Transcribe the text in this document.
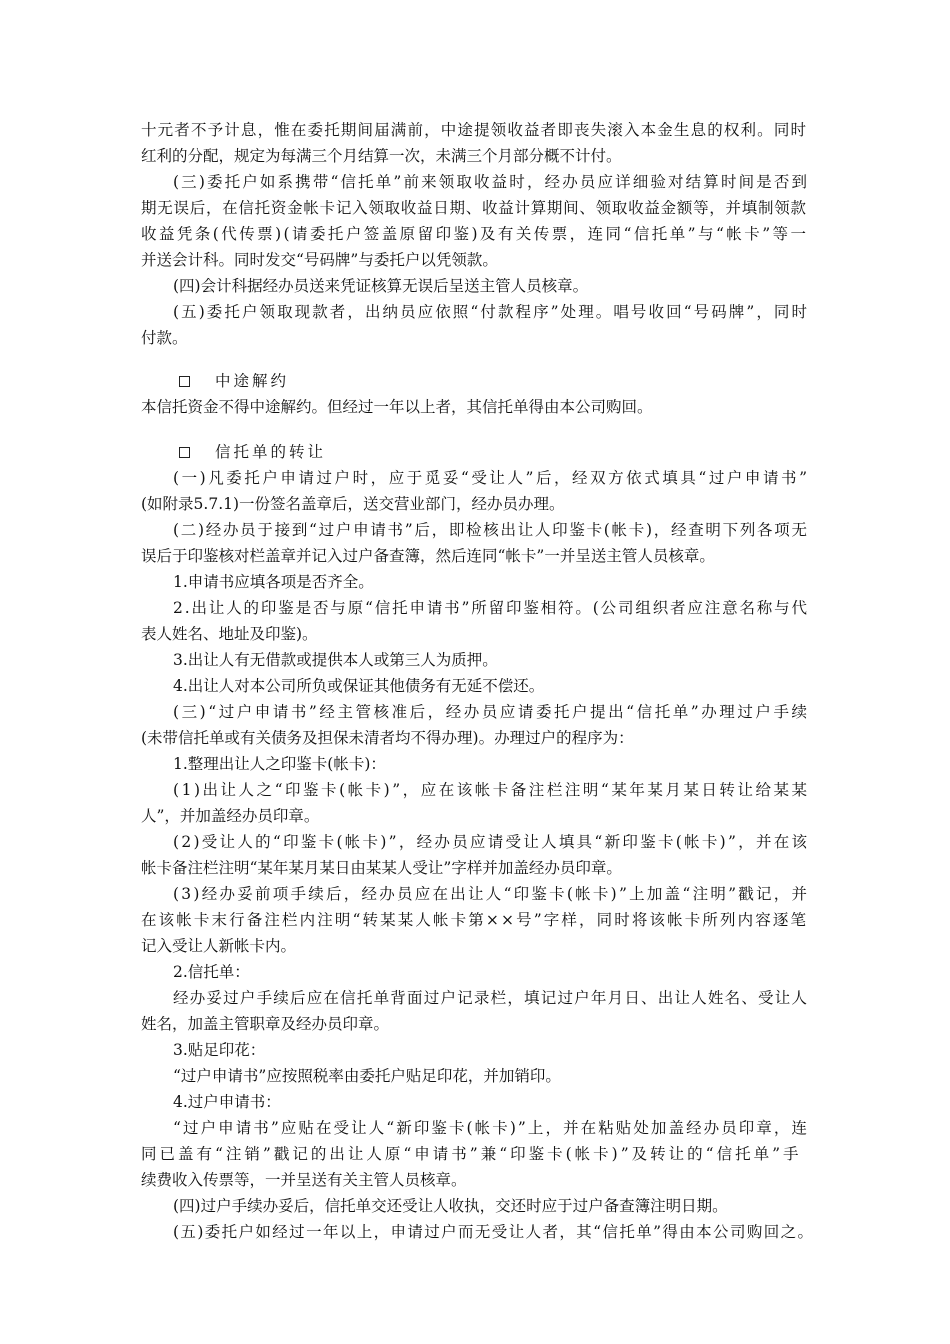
十元者不予计息，惟在委托期间届满前，中途提领收益者即丧失滚入本金生息的权利。同时
红利的分配，规定为每满三个月结算一次，未满三个月部分概不计付。
(三)委托户如系携带“信托单”前来领取收益时，经办员应详细验对结算时间是否到
期无误后，在信托资金帐卡记入领取收益日期、收益计算期间、领取收益金额等，并填制领款
收益凭条(代传票)(请委托户签盖原留印鉴)及有关传票，连同“信托单”与“帐卡”等一
并送会计科。同时发交“号码牌”与委托户以凭领款。
(四)会计科据经办员送来凭证核算无误后呈送主管人员核章。
(五)委托户领取现款者，出纳员应依照“付款程序”处理。唱号收回“号码牌”，同时
付款。
中途解约
本信托资金不得中途解约。但经过一年以上者，其信托单得由本公司购回。
信托单的转让
(一)凡委托户申请过户时，应于觅妥“受让人”后，经双方依式填具“过户申请书”
(如附录5.7.1)一份签名盖章后，送交营业部门，经办员办理。
(二)经办员于接到“过户申请书”后，即检核出让人印鉴卡(帐卡)，经查明下列各项无
误后于印鉴核对栏盖章并记入过户备查簿，然后连同“帐卡”一并呈送主管人员核章。
1.申请书应填各项是否齐全。
2.出让人的印鉴是否与原“信托申请书”所留印鉴相符。(公司组织者应注意名称与代
表人姓名、地址及印鉴)。
3.出让人有无借款或提供本人或第三人为质押。
4.出让人对本公司所负或保证其他债务有无延不偿还。
(三)“过户申请书”经主管核准后，经办员应请委托户提出“信托单”办理过户手续
(未带信托单或有关债务及担保未清者均不得办理)。办理过户的程序为：
1.整理出让人之印鉴卡(帐卡)：
(1)出让人之“印鉴卡(帐卡)”，应在该帐卡备注栏注明“某年某月某日转让给某某
人”，并加盖经办员印章。
(2)受让人的“印鉴卡(帐卡)”，经办员应请受让人填具“新印鉴卡(帐卡)”，并在该
帐卡备注栏注明“某年某月某日由某某人受让”字样并加盖经办员印章。
(3)经办妥前项手续后，经办员应在出让人“印鉴卡(帐卡)”上加盖“注明”戳记，并
在该帐卡末行备注栏内注明“转某某人帐卡第××号”字样，同时将该帐卡所列内容逐笔
记入受让人新帐卡内。
2.信托单：
经办妥过户手续后应在信托单背面过户记录栏，填记过户年月日、出让人姓名、受让人
姓名，加盖主管职章及经办员印章。
3.贴足印花：
“过户申请书”应按照税率由委托户贴足印花，并加销印。
4.过户申请书：
“过户申请书”应贴在受让人“新印鉴卡(帐卡)”上，并在粘贴处加盖经办员印章，连
同已盖有“注销”戳记的出让人原“申请书”兼“印鉴卡(帐卡)”及转让的“信托单”手
续费收入传票等，一并呈送有关主管人员核章。
(四)过户手续办妥后，信托单交还受让人收执，交还时应于过户备查簿注明日期。
(五)委托户如经过一年以上，申请过户而无受让人者，其“信托单”得由本公司购回之。
